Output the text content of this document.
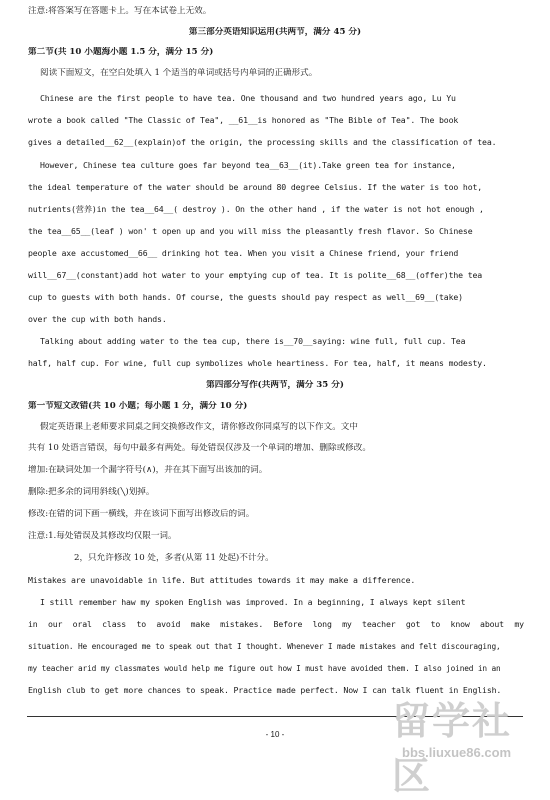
注意:将答案写在答题卡上。写在本试卷上无效。
第三部分英语知识运用(共两节，满分 45 分)
第二节(共 10 小题海小题 1.5 分，满分 15 分)
阅读下面短文，在空白处填入 1 个适当的单词或括号内单词的正确形式。
Chinese are the first people to have tea. One thousand and two hundred years ago, Lu Yu
wrote a book called "The Classic of Tea", __61__is honored as "The Bible of Tea". The book
gives a detailed__62__(explain)of the origin, the processing skills and the classification of tea.
However, Chinese tea culture goes far beyond tea__63__(it).Take green tea for instance,
the ideal temperature of the water should be around 80 degree Celsius. If the water is too hot,
nutrients(营养)in the tea__64__( destroy ). On the other hand , if the water is not hot enough ,
the tea__65__(leaf ) won' t open up and you will miss the pleasantly fresh flavor. So Chinese
people axe accustomed__66__ drinking hot tea. When you visit a Chinese friend, your friend
will__67__(constant)add hot water to your emptying cup of tea. It is polite__68__(offer)the tea
cup to guests with both hands. Of course, the guests should pay respect as well__69__(take)
over the cup with both hands.
Talking about adding water to the tea cup, there is__70__saying: wine full, full cup. Tea
half, half cup. For wine, full cup symbolizes whole heartiness. For tea, half, it means modesty.
第四部分写作(共两节，满分 35 分)
第一节短文改错(共 10 小题；每小题 1 分，满分 10 分)
假定英语课上老师要求同桌之间交换修改作文，请你修改你同桌写的以下作文。文中
共有 10 处语言错误，每句中最多有两处。每处错误仅涉及一个单词的增加、删除或修改。
增加:在缺词处加一个漏字符号(∧)，并在其下面写出该加的词。
删除:把多余的词用斜线(╲)划掉。
修改:在错的词下画一横线，并在该词下面写出修改后的词。
注意:1.每处错误及其修改均仅限一词。
2，只允许修改 10 处，多者(从第 11 处起)不计分。
Mistakes are unavoidable in life. But attitudes towards it may make a difference.
I still remember haw my spoken English was improved. In a beginning, I always kept silent
in our oral class to avoid make mistakes. Before long my teacher got to know about my
situation. He encouraged me to speak out that I thought. Whenever I made mistakes and felt discouraging,
my teacher arid my classmates would help me figure out how I must have avoided them. I also joined in an
English club to get more chances to speak. Practice made perfect. Now I can talk fluent in English.
- 10 -	留学社区
bbs.liuxue86.com
